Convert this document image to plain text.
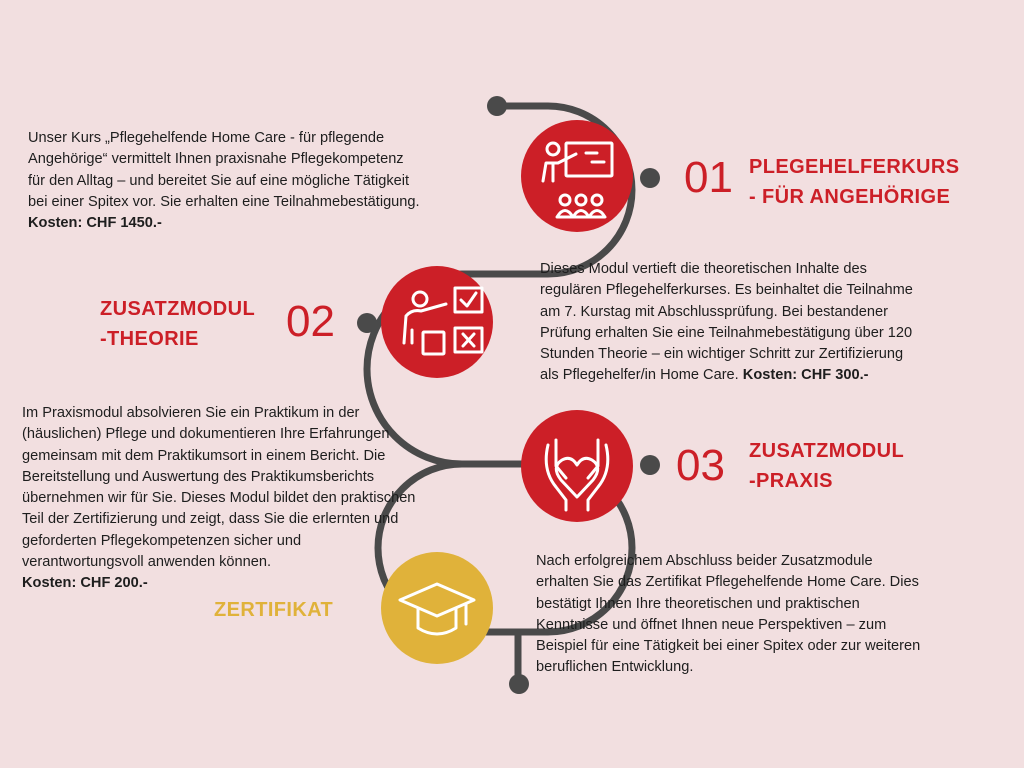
Unser Kurs „Pflegehelfende Home Care - für pflegende
Angehörige“ vermittelt Ihnen praxisnahe Pflegekompetenz
für den Alltag – und bereitet Sie auf eine mögliche Tätigkeit
bei einer Spitex vor. Sie erhalten eine Teilnahmebestätigung.
Kosten: CHF 1450.-

01 PLEGEHELFERKURS
- FÜR ANGEHÖRIGE
ZUSATZMODUL
-THEORIE	02

Dieses Modul vertieft die theoretischen Inhalte des
regulären Pflegehelferkurses. Es beinhaltet die Teilnahme
am 7. Kurstag mit Abschlussprüfung. Bei bestandener
Prüfung erhalten Sie eine Teilnahmebestätigung über 120
Stunden Theorie – ein wichtiger Schritt zur Zertifizierung
als Pflegehelfer/in Home Care. Kosten: CHF 300.-

Im Praxismodul absolvieren Sie ein Praktikum in der
(häuslichen) Pflege und dokumentieren Ihre Erfahrungen
gemeinsam mit dem Praktikumsort in einem Bericht. Die
Bereitstellung und Auswertung des Praktikumsberichts
übernehmen wir für Sie. Dieses Modul bildet den praktischen
Teil der Zertifizierung und zeigt, dass Sie die erlernten und
geforderten Pflegekompetenzen sicher und
verantwortungsvoll anwenden können.
Kosten: CHF 200.-

03 ZUSATZMODUL
-PRAXIS
ZERTIFIKAT

Nach erfolgreichem Abschluss beider Zusatzmodule
erhalten Sie das Zertifikat Pflegehelfende Home Care. Dies
bestätigt Ihnen Ihre theoretischen und praktischen
Kenntnisse und öffnet Ihnen neue Perspektiven – zum
Beispiel für eine Tätigkeit bei einer Spitex oder zur weiteren
beruflichen Entwicklung.
